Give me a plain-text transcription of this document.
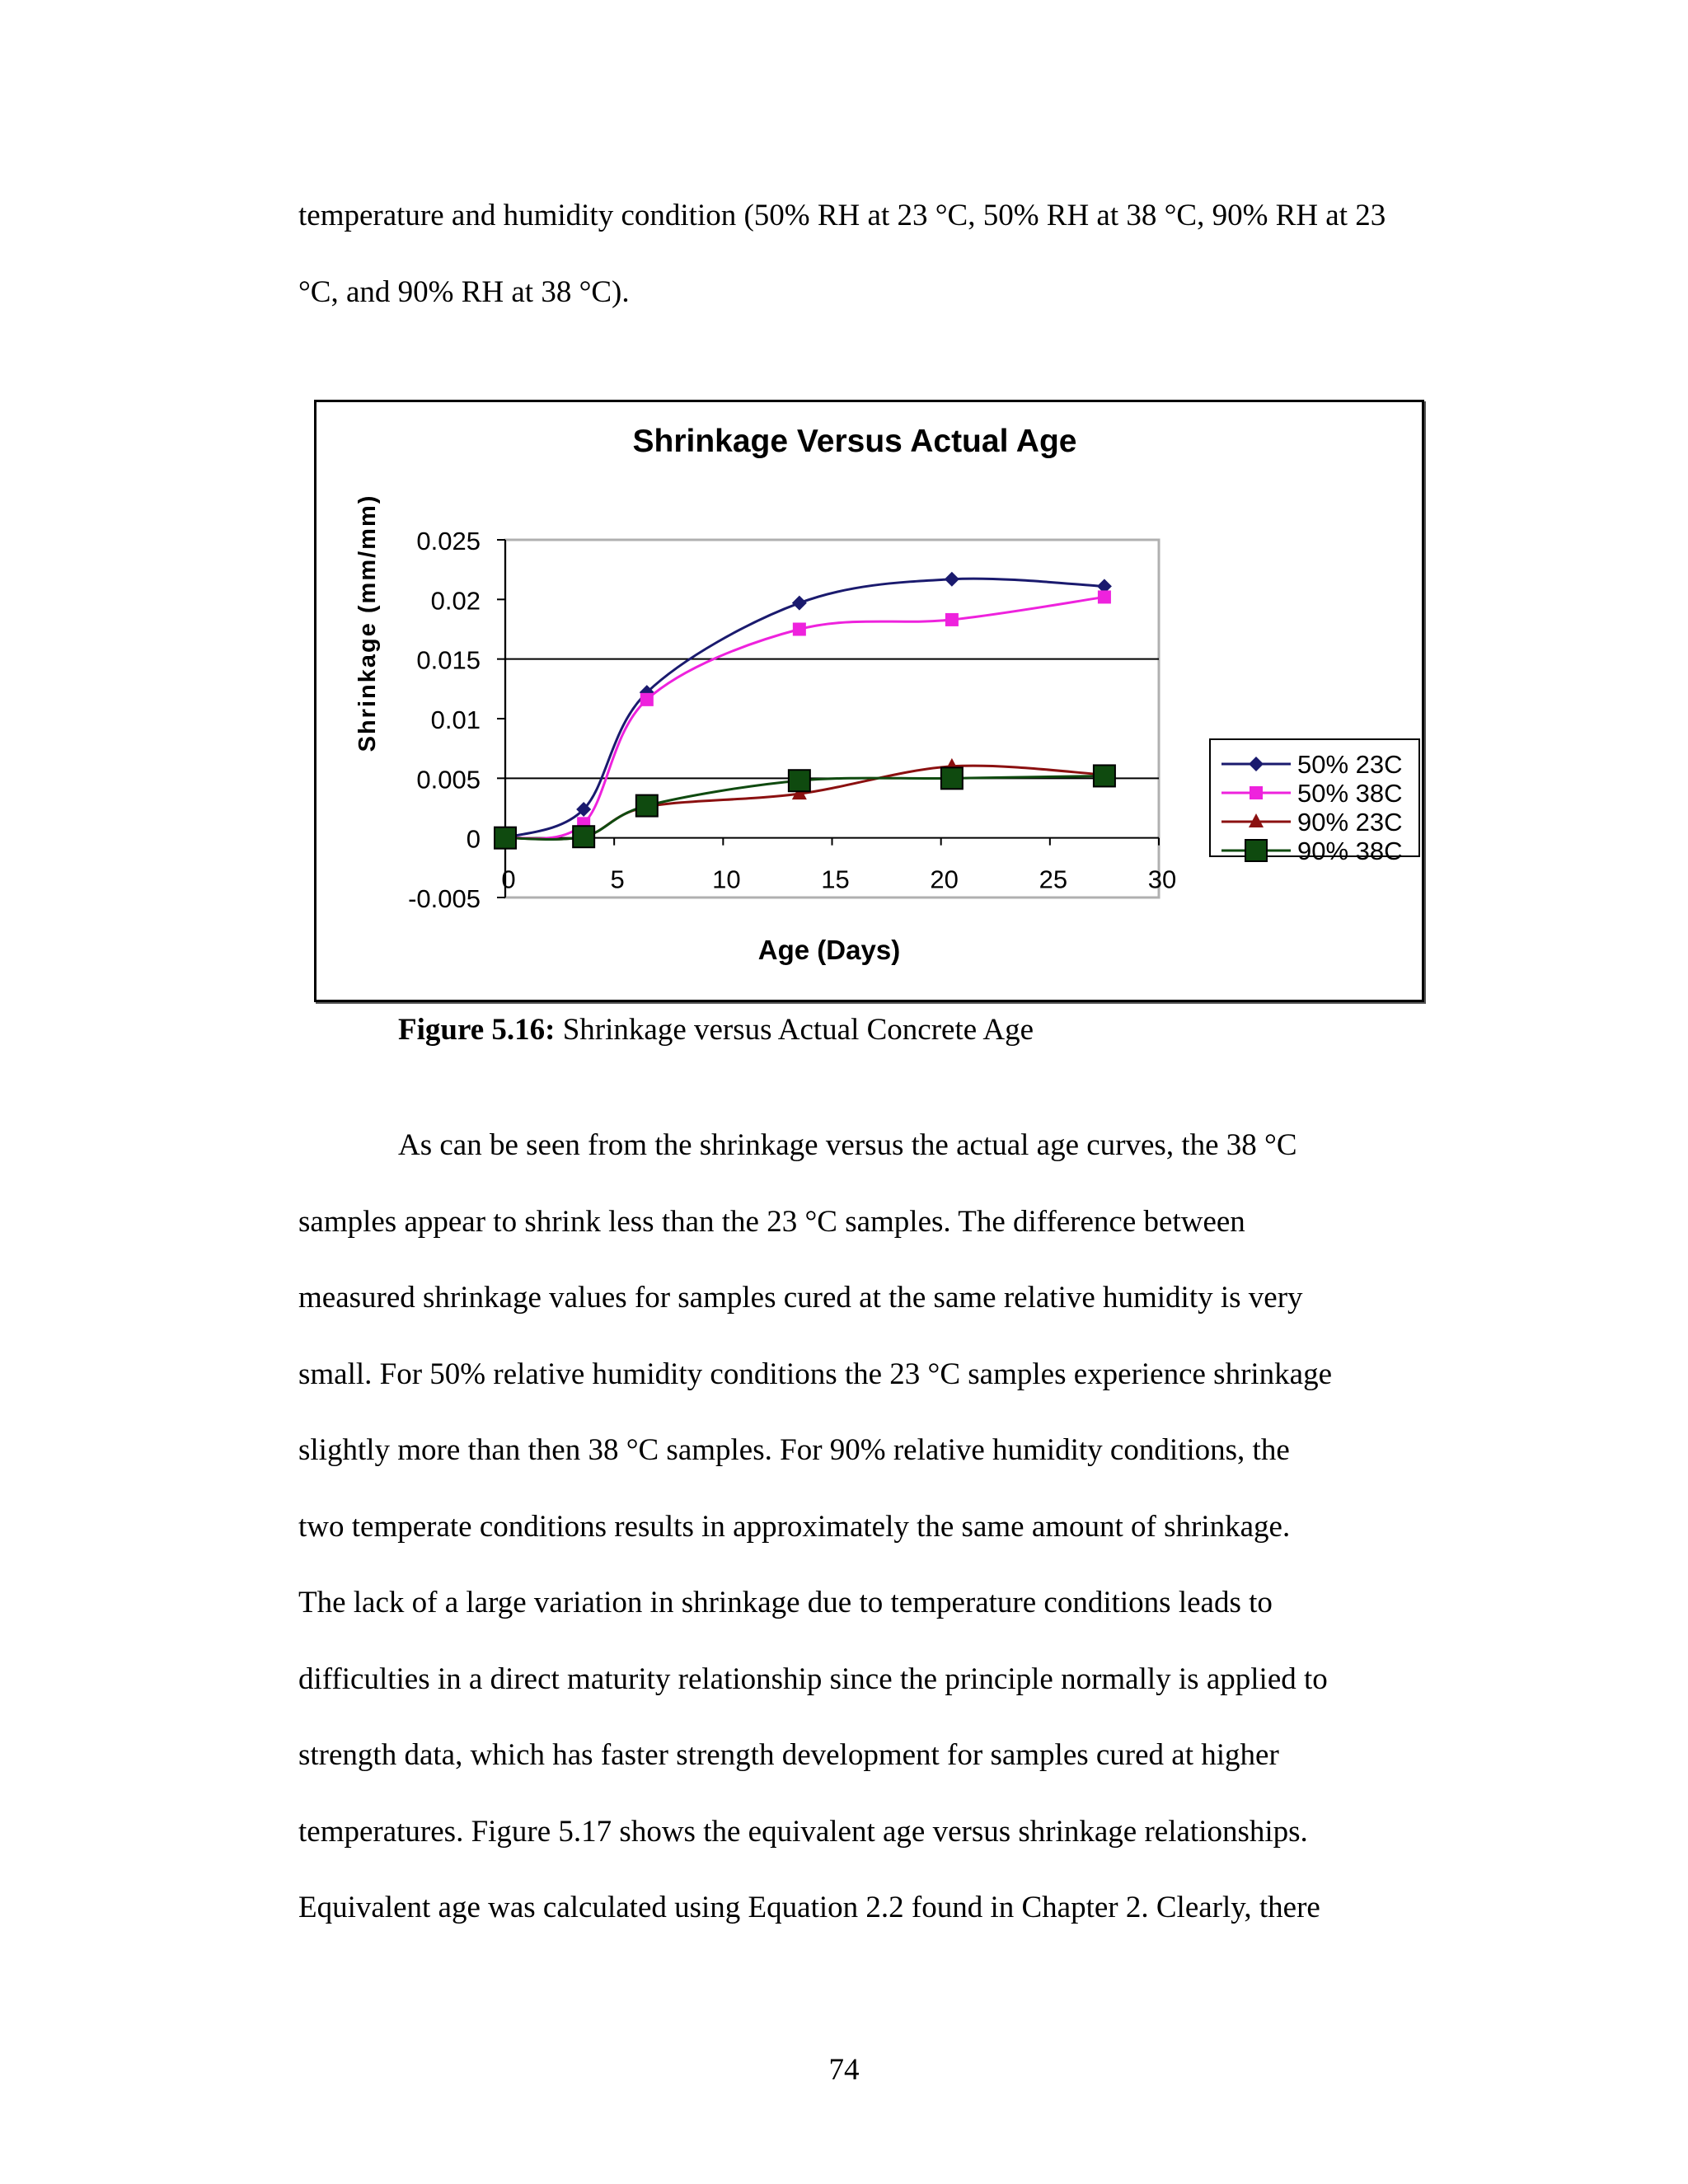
temperature and humidity condition (50% RH at 23 °C, 50% RH at 38 °C, 90% RH at 23
°C, and 90% RH at 38 °C).
Shrinkage Versus Actual Age
Shrinkage (mm/mm)
Age (Days)
0.025
0.02
0.015
0.01
0.005
0
-0.005
0	5	10	15	20	25	30
50% 23C
50% 38C
90% 23C
90% 38C
Figure 5.16: Shrinkage versus Actual Concrete Age
As can be seen from the shrinkage versus the actual age curves, the 38 °C
samples appear to shrink less than the 23 °C samples. The difference between
measured shrinkage values for samples cured at the same relative humidity is very
small. For 50% relative humidity conditions the 23 °C samples experience shrinkage
slightly more than then 38 °C samples. For 90% relative humidity conditions, the
two temperate conditions results in approximately the same amount of shrinkage.
The lack of a large variation in shrinkage due to temperature conditions leads to
difficulties in a direct maturity relationship since the principle normally is applied to
strength data, which has faster strength development for samples cured at higher
temperatures. Figure 5.17 shows the equivalent age versus shrinkage relationships.
Equivalent age was calculated using Equation 2.2 found in Chapter 2. Clearly, there
74
